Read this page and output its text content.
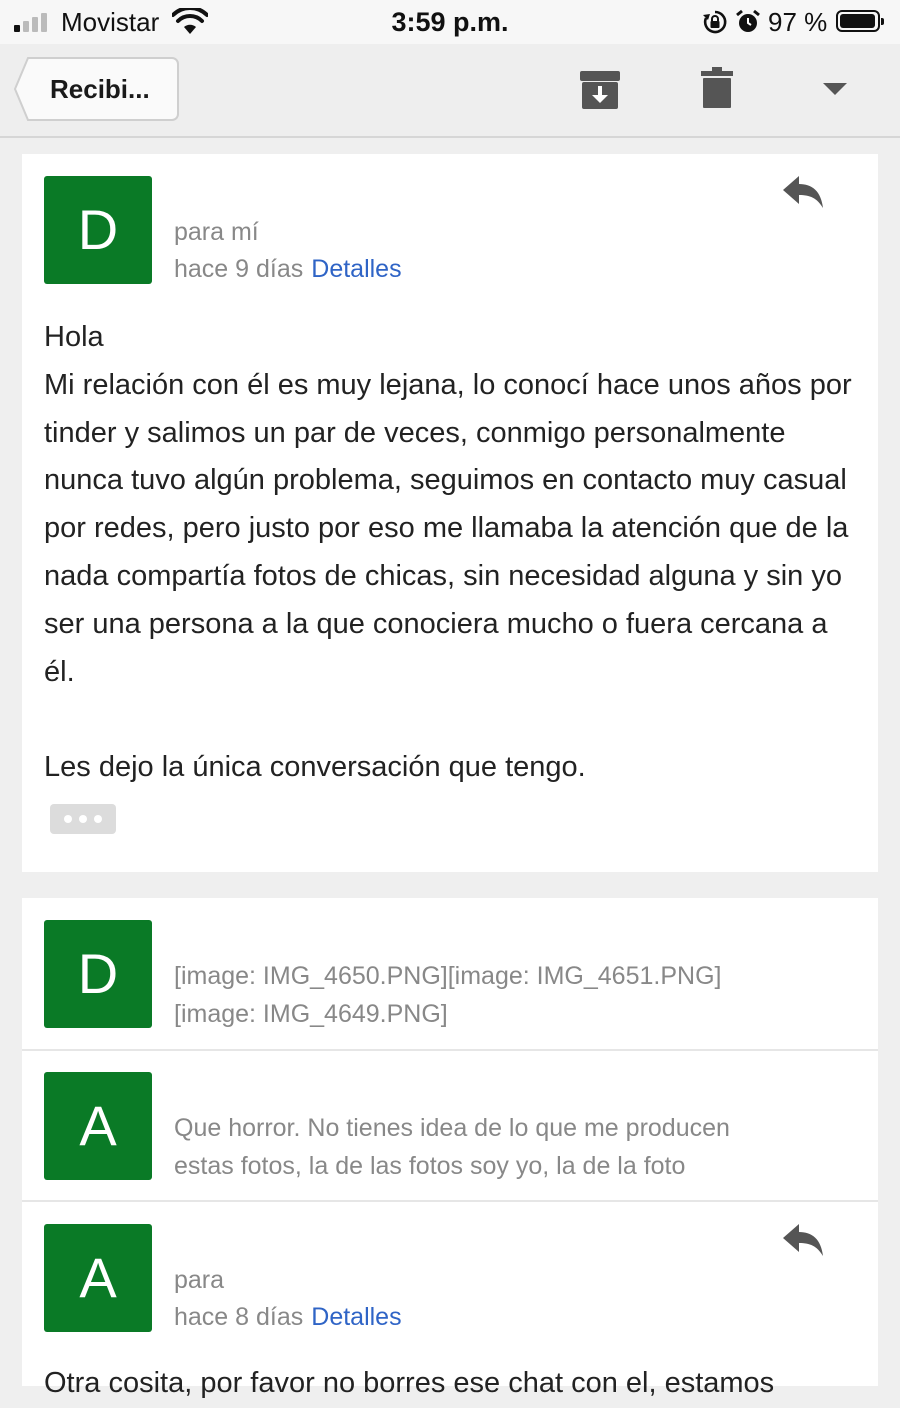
Movistar	3:59 p.m.	97 %
Recibi...
D	para mí
hace 9 días Detalles

Hola

Mi relación con él es muy lejana, lo conocí hace unos años por tinder y salimos un par de veces, conmigo personalmente nunca tuvo algún problema, seguimos en contacto muy casual por redes, pero justo por eso me llamaba la atención que de la nada compartía fotos de chicas, sin necesidad alguna y sin yo ser una persona a la que conociera mucho o fuera cercana a él.

Les dejo la única conversación que tengo.

D	[image: IMG_4650.PNG][image: IMG_4651.PNG]
[image: IMG_4649.PNG]
A	Que horror. No tienes idea de lo que me producen
estas fotos, la de las fotos soy yo, la de la foto
A	para
hace 8 días Detalles
Otra cosita, por favor no borres ese chat con el, estamos
